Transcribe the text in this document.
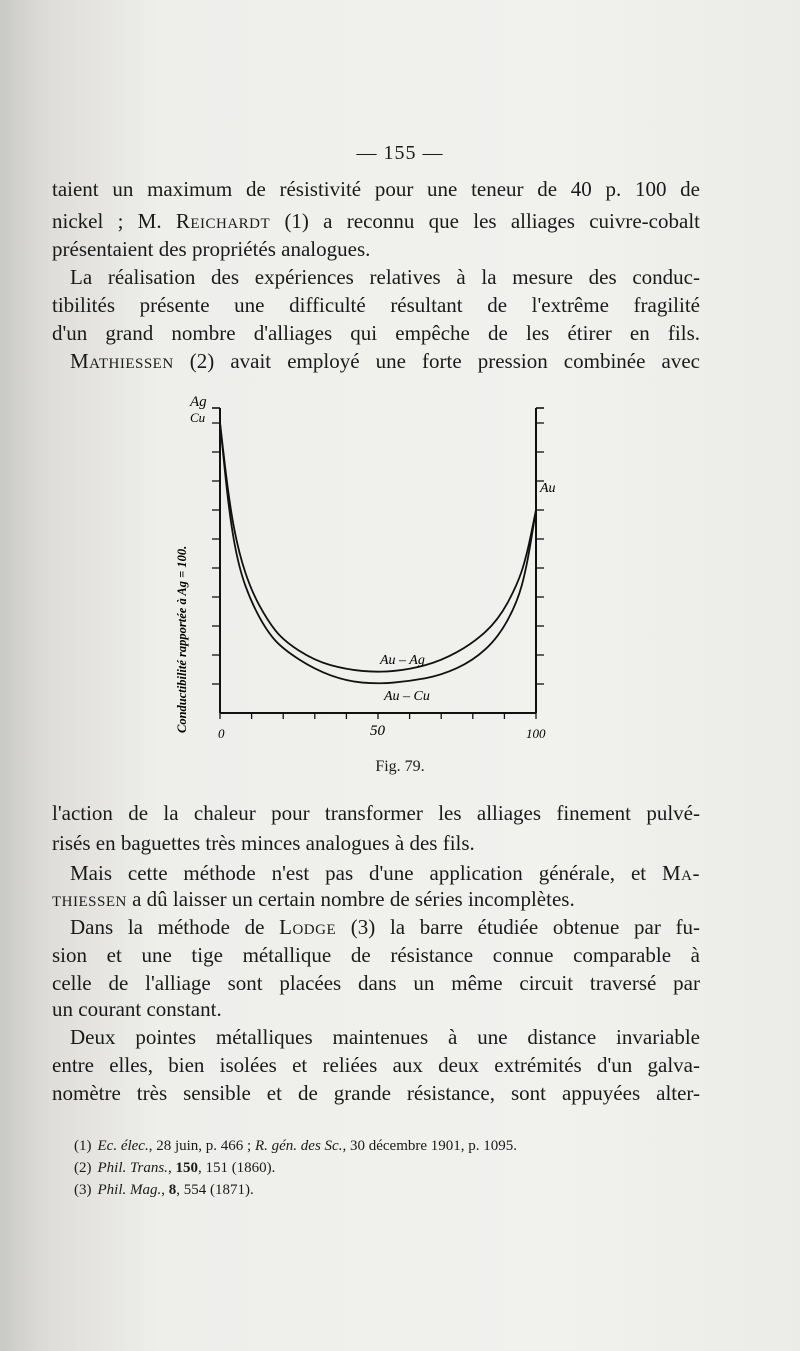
— 155 —
taient un maximum de résistivité pour une teneur de 40 p. 100 de
nickel ; M. Reichardt (1) a reconnu que les alliages cuivre-cobalt
présentaient des propriétés analogues.
La réalisation des expériences relatives à la mesure des conduc-
tibilités présente une difficulté résultant de l'extrême fragilité
d'un grand nombre d'alliages qui empêche de les étirer en fils.
Mathiessen (2) avait employé une forte pression combinée avec
Ag
Cu
Au
Conductibilité rapportée à Ag = 100.
0	50	100
Au – Ag
Au – Cu
Fig. 79.
l'action de la chaleur pour transformer les alliages finement pulvé-
risés en baguettes très minces analogues à des fils.
Mais cette méthode n'est pas d'une application générale, et Ma-
thiessen a dû laisser un certain nombre de séries incomplètes.
Dans la méthode de Lodge (3) la barre étudiée obtenue par fu-
sion et une tige métallique de résistance connue comparable à
celle de l'alliage sont placées dans un même circuit traversé par
un courant constant.
Deux pointes métalliques maintenues à une distance invariable
entre elles, bien isolées et reliées aux deux extrémités d'un galva-
nomètre très sensible et de grande résistance, sont appuyées alter-
(1) Ec. élec., 28 juin, p. 466 ; R. gén. des Sc., 30 décembre 1901, p. 1095.
(2) Phil. Trans., 150, 151 (1860).
(3) Phil. Mag., 8, 554 (1871).
